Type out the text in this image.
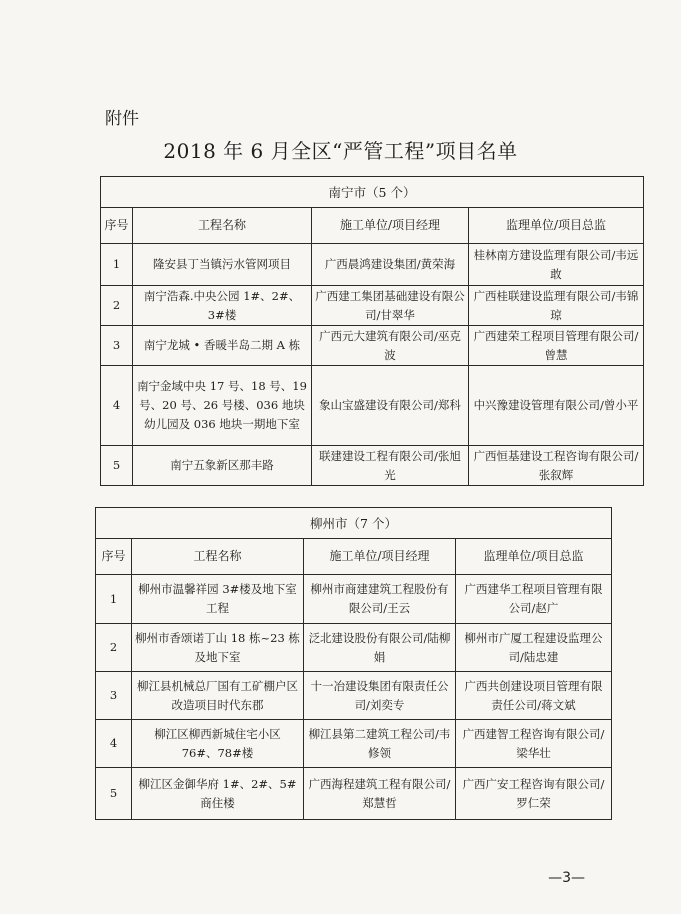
附件
2018 年 6 月全区“严管工程”项目名单
南宁市（5 个）			
序号	工程名称	施工单位/项目经理	监理单位/项目总监
1	隆安县丁当镇污水管网项目	广西晨鸿建设集团/黄荣海	桂林南方建设监理有限公司/韦远敢
2	南宁浩森.中央公园 1#、2#、3#楼	广西建工集团基础建设有限公司/甘翠华	广西桂联建设监理有限公司/韦锦琼
3	南宁龙城 • 香暖半岛二期 A 栋	广西元大建筑有限公司/巫克波	广西建荣工程项目管理有限公司/曾慧
4	南宁金域中央 17 号、18 号、19 号、20 号、26 号楼、036 地块幼儿园及 036 地块一期地下室	象山宝盛建设有限公司/郑科	中兴豫建设管理有限公司/曾小平
5	南宁五象新区那丰路	联建建设工程有限公司/张旭光	广西恒基建设工程咨询有限公司/张叙辉
柳州市（7 个）			
序号	工程名称	施工单位/项目经理	监理单位/项目总监
1	柳州市温馨祥园 3#楼及地下室工程	柳州市商建建筑工程股份有限公司/王云	广西建华工程项目管理有限公司/赵广
2	柳州市香颂诺丁山 18 栋~23 栋及地下室	泛北建设股份有限公司/陆柳娟	柳州市广厦工程建设监理公司/陆忠建
3	柳江县机械总厂国有工矿棚户区改造项目时代东郡	十一冶建设集团有限责任公司/刘奕专	广西共创建设项目管理有限责任公司/蒋文斌
4	柳江区柳西新城住宅小区 76#、78#楼	柳江县第二建筑工程公司/韦修领	广西建智工程咨询有限公司/梁华壮
5	柳江区金御华府 1#、2#、5#商住楼	广西海程建筑工程有限公司/郑慧哲	广西广安工程咨询有限公司/罗仁荣
—3—
